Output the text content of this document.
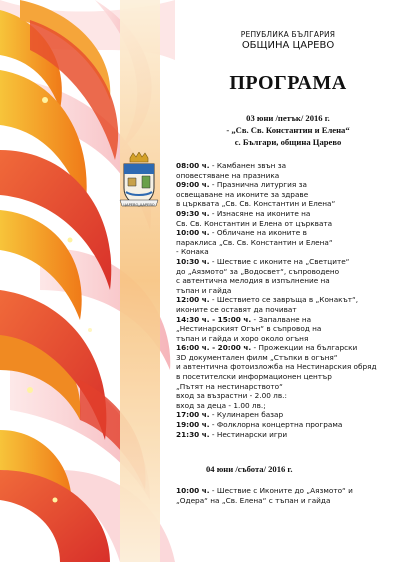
ЦАРЕВО-ЦАРЕВО
РЕПУБЛИКА БЪЛГАРИЯ
ОБЩИНА ЦАРЕВО
ПРОГРАМА
03 юни /петък/ 2016 г.
- „Св. Св. Константин и Елена“
с. Българи, община Царево
08:00 ч. - Камбанен звън за
оповестяване на празника
09:00 ч. - Празнична литургия за
освещаване на иконите за здраве
в църквата „Св. Св. Константин и Елена“
09:30 ч. - Изнасяне на иконите на
Св. Св. Константин и Елена от църквата
10:00 ч. - Обличане на иконите в
параклиса „Св. Св. Константин и Елена“
- Конака
10:30 ч. - Шествие с иконите на „Светците“
до „Аязмото“ за „Водосвет“, съпроводено
с автентична мелодия в изпълнение на
тъпан и гайда
12:00 ч. - Шествието се завръща в „Конакът“,
иконите се оставят да почиват
14:30 ч. - 15:00 ч. - Запалване на
„Нестинарският Огън“ в съпровод на
тъпан и гайда и хоро около огъня
16:00 ч. - 20:00 ч. - Прожекции на български
3D документален филм „Стъпки в огъня“
и автентична фотоизложба на Нестинарския обряд
в посетителски информационен център
„Пътят на нестинарството“
вход за възрастни - 2.00 лв.:
вход за деца - 1.00 лв.;
17:00 ч. - Кулинарен базар
19:00 ч. - Фолклорна концертна програма
21:30 ч. - Нестинарски игри
04 юни /събота/ 2016 г.
10:00 ч. - Шествие с Иконите до „Аязмото“ и
„Одера“ на „Св. Елена“ с тъпан и гайда
